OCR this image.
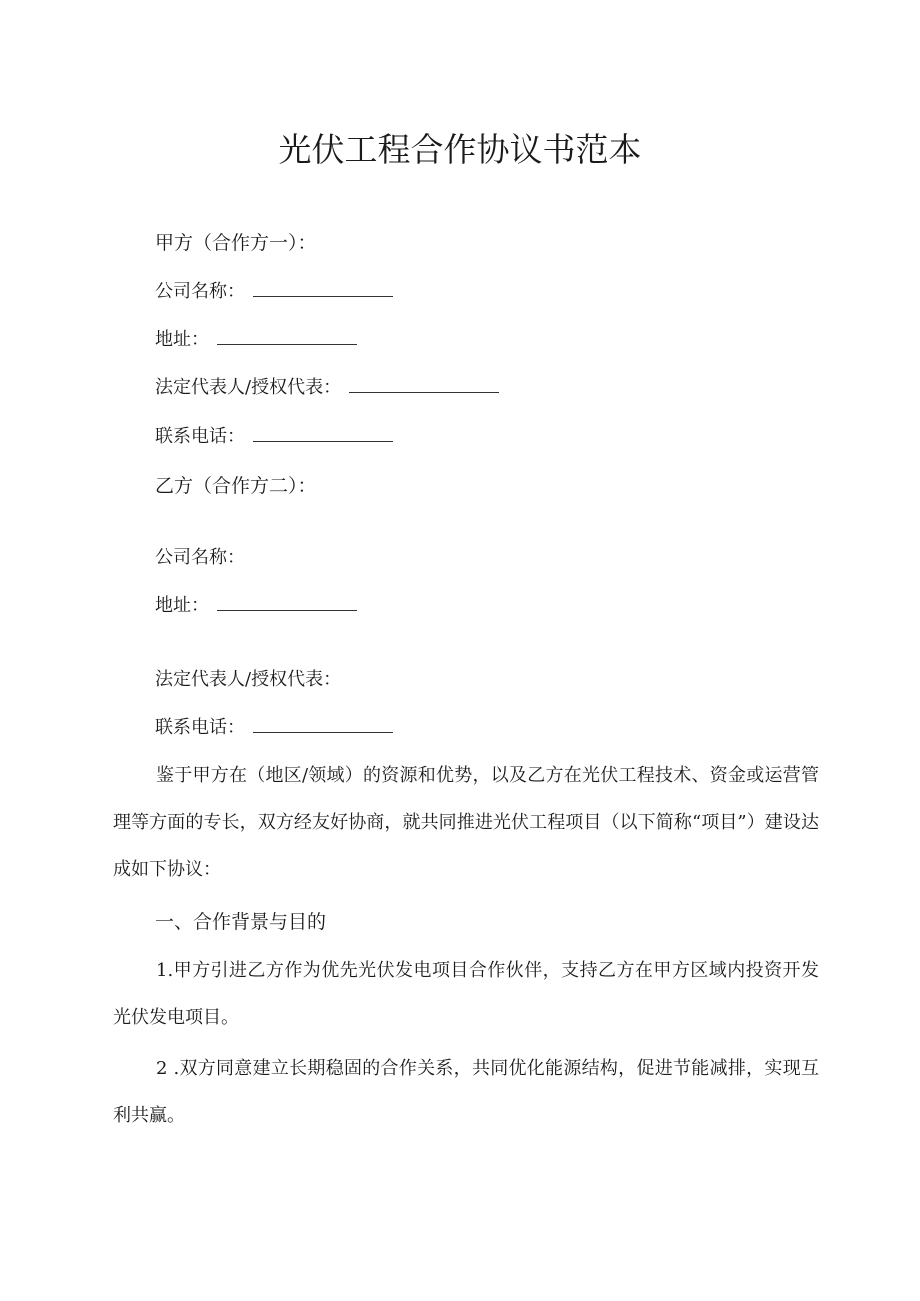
光伏工程合作协议书范本
甲方（合作方一）：
公司名称：
地址：
法定代表人/授权代表：
联系电话：
乙方（合作方二）：
公司名称：
地址：
法定代表人/授权代表：
联系电话：

鉴于甲方在（地区/领域）的资源和优势，以及乙方在光伏工程技术、资金或运营管理等方面的专长，双方经友好协商，就共同推进光伏工程项目（以下简称“项目”）建设达成如下协议：

一、合作背景与目的

1.甲方引进乙方作为优先光伏发电项目合作伙伴，支持乙方在甲方区域内投资开发光伏发电项目。

2 .双方同意建立长期稳固的合作关系，共同优化能源结构，促进节能减排，实现互利共赢。
